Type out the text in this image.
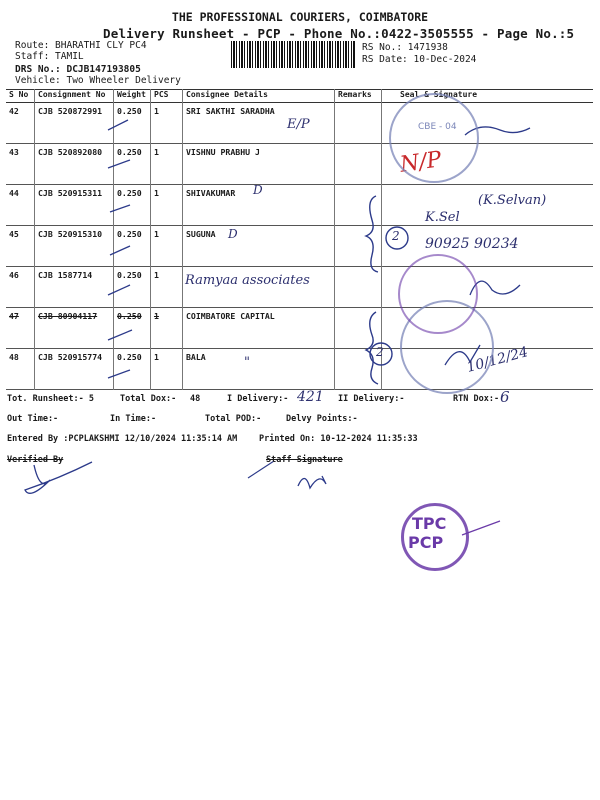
THE PROFESSIONAL COURIERS, COIMBATORE
Delivery Runsheet - PCP - Phone No.:0422-3505555 - Page No.:5
Route: BHARATHI CLY PC4
Staff: TAMIL
DRS No.: DCJB147193805
Vehicle: Two Wheeler Delivery
RS No.: 1471938
RS Date: 10-Dec-2024
S No	Consignment No	Weight	PCS	Consignee Details	Remarks	Seal & Signature
42	CJB 520872991	0.250	1	SRI SAKTHI SARADHA		
43	CJB 520892080	0.250	1	VISHNU PRABHU J		
44	CJB 520915311	0.250	1	SHIVAKUMAR		
45	CJB 520915310	0.250	1	SUGUNA		
46	CJB 1587714	0.250	1			
47	CJB 80904117	0.250	1	COIMBATORE CAPITAL		
48	CJB 520915774	0.250	1	BALA		
E/P
N/P
D
D
Ramyaa associates
"
(K.Selvan)
K.Sel
90925 90234
2
2	10/12/24
CBE - 04
TPC
PCP
Tot. Runsheet:- 5	Total Dox:- 48	I Delivery:- 421 II Delivery:-	RTN Dox:- 6
Out Time:-	In Time:-	Total POD:-	Delvy Points:-
Entered By :PCPLAKSHMI 12/10/2024 11:35:14 AM	Printed On: 10-12-2024 11:35:33
Verified By	Staff Signature
